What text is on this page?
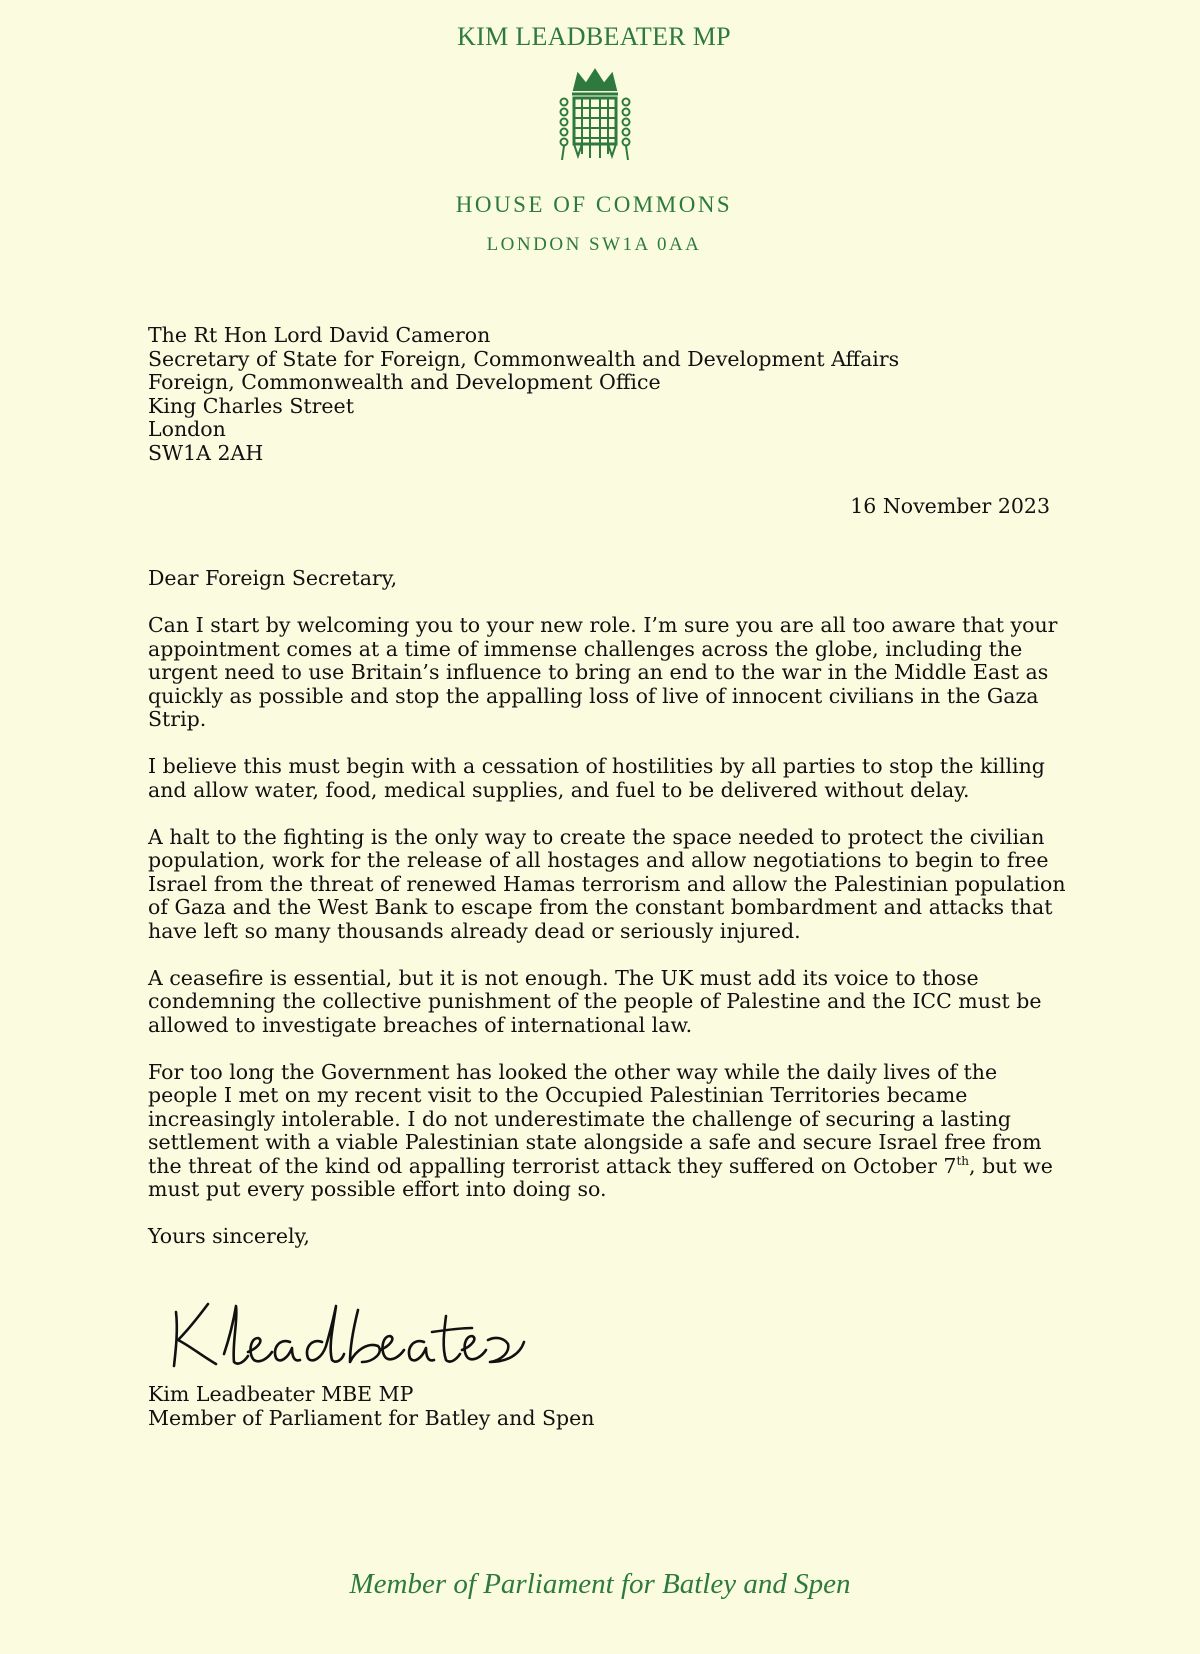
KIM LEADBEATER MP
HOUSE OF COMMONS
LONDON SW1A 0AA
The Rt Hon Lord David Cameron
Secretary of State for Foreign, Commonwealth and Development Affairs
Foreign, Commonwealth and Development Office
King Charles Street
London
SW1A 2AH
16 November 2023

Dear Foreign Secretary,

Can I start by welcoming you to your new role. I’m sure you are all too aware that your appointment comes at a time of immense challenges across the globe, including the urgent need to use Britain’s influence to bring an end to the war in the Middle East as quickly as possible and stop the appalling loss of live of innocent civilians in the Gaza Strip.

I believe this must begin with a cessation of hostilities by all parties to stop the killing and allow water, food, medical supplies, and fuel to be delivered without delay.

A halt to the fighting is the only way to create the space needed to protect the civilian population, work for the release of all hostages and allow negotiations to begin to free Israel from the threat of renewed Hamas terrorism and allow the Palestinian population of Gaza and the West Bank to escape from the constant bombardment and attacks that have left so many thousands already dead or seriously injured.

A ceasefire is essential, but it is not enough. The UK must add its voice to those condemning the collective punishment of the people of Palestine and the ICC must be allowed to investigate breaches of international law.

For too long the Government has looked the other way while the daily lives of the people I met on my recent visit to the Occupied Palestinian Territories became increasingly intolerable. I do not underestimate the challenge of securing a lasting settlement with a viable Palestinian state alongside a safe and secure Israel free from the threat of the kind od appalling terrorist attack they suffered on October 7th, but we must put every possible effort into doing so.

Yours sincerely,

Kim Leadbeater MBE MP
Member of Parliament for Batley and Spen
Member of Parliament for Batley and Spen
